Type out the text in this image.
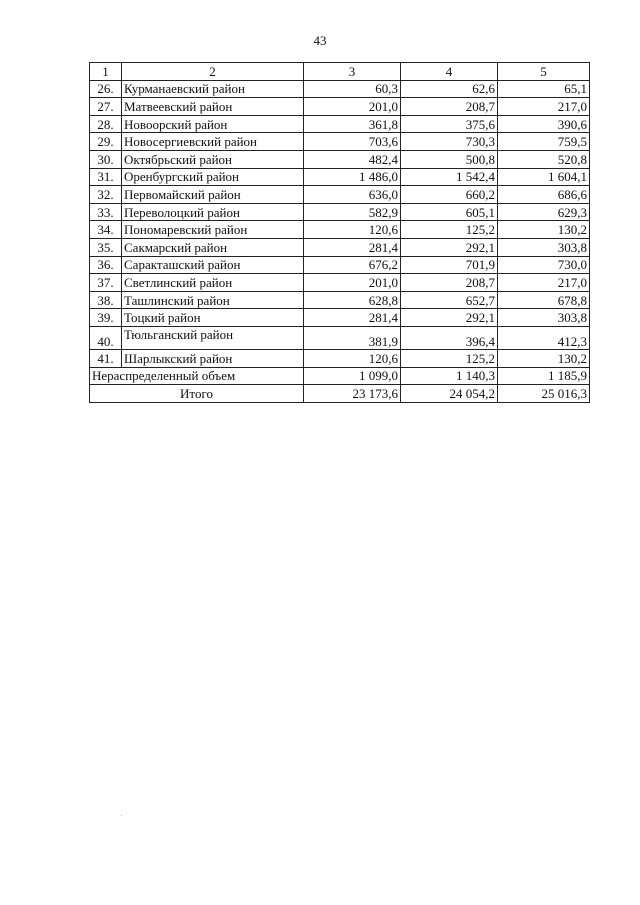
43
1	2	3	4	5
26.	Курманаевский район	60,3	62,6	65,1
27.	Матвеевский район	201,0	208,7	217,0
28.	Новоорский район	361,8	375,6	390,6
29.	Новосергиевский район	703,6	730,3	759,5
30.	Октябрьский район	482,4	500,8	520,8
31.	Оренбургский район	1 486,0	1 542,4	1 604,1
32.	Первомайский район	636,0	660,2	686,6
33.	Переволоцкий район	582,9	605,1	629,3
34.	Пономаревский район	120,6	125,2	130,2
35.	Сакмарский район	281,4	292,1	303,8
36.	Саракташский район	676,2	701,9	730,0
37.	Светлинский район	201,0	208,7	217,0
38.	Ташлинский район	628,8	652,7	678,8
39.	Тоцкий район	281,4	292,1	303,8
40.	Тюльганский район	381,9	396,4	412,3
41.	Шарлыкский район	120,6	125,2	130,2
Нераспределенный объем		1 099,0	1 140,3	1 185,9
Итого		23 173,6	24 054,2	25 016,3
